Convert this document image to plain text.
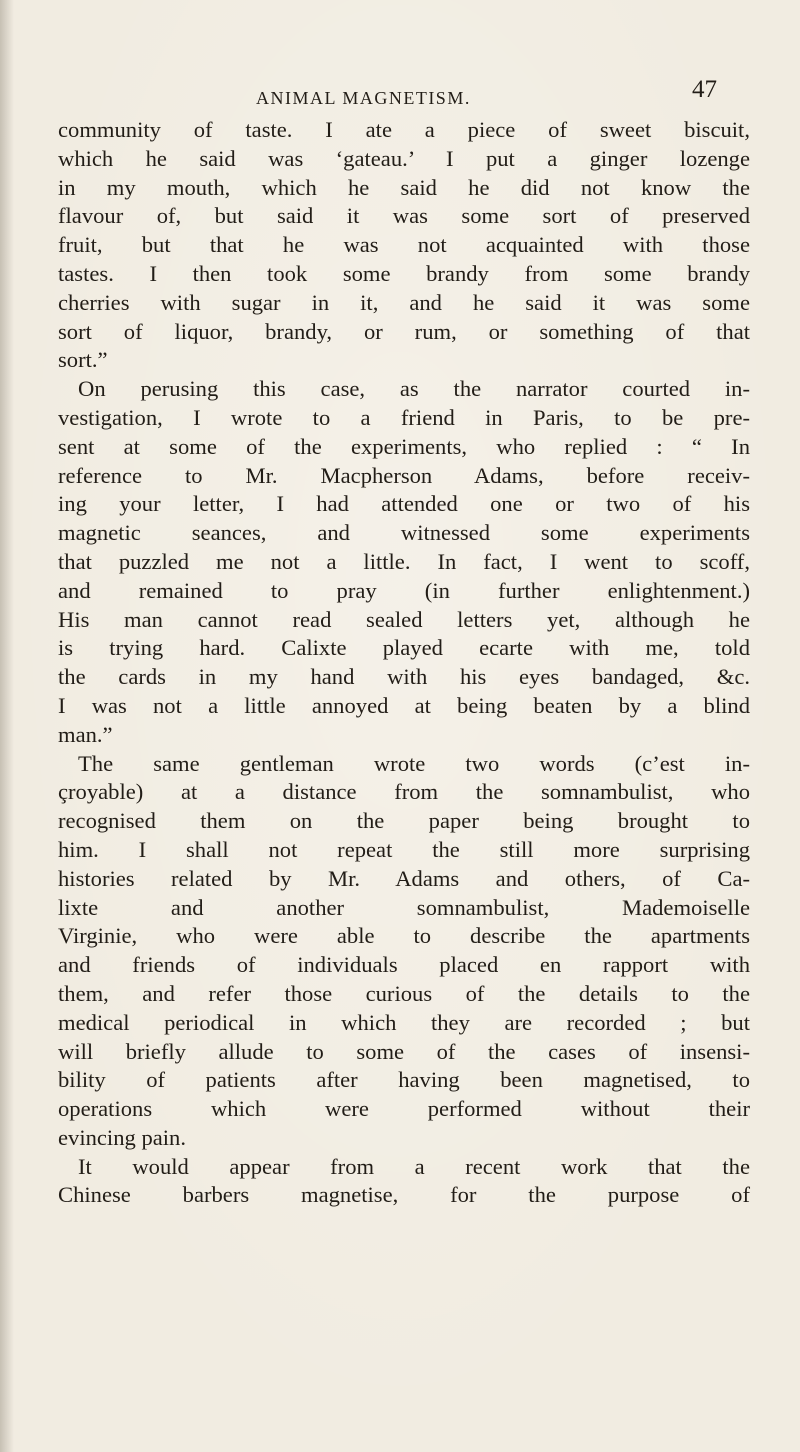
ANIMAL MAGNETISM.	47
community of taste. I ate a piece of sweet biscuit,
which he said was ‘gateau.’ I put a ginger lozenge
in my mouth, which he said he did not know the
flavour of, but said it was some sort of preserved
fruit, but that he was not acquainted with those
tastes. I then took some brandy from some brandy
cherries with sugar in it, and he said it was some
sort of liquor, brandy, or rum, or something of that
sort.”
On perusing this case, as the narrator courted in-
vestigation, I wrote to a friend in Paris, to be pre-
sent at some of the experiments, who replied : “ In
reference to Mr. Macpherson Adams, before receiv-
ing your letter, I had attended one or two of his
magnetic seances, and witnessed some experiments
that puzzled me not a little. In fact, I went to scoff,
and remained to pray (in further enlightenment.)
His man cannot read sealed letters yet, although he
is trying hard. Calixte played ecarte with me, told
the cards in my hand with his eyes bandaged, &c.
I was not a little annoyed at being beaten by a blind
man.”
The same gentleman wrote two words (c’est in-
çroyable) at a distance from the somnambulist, who
recognised them on the paper being brought to
him. I shall not repeat the still more surprising
histories related by Mr. Adams and others, of Ca-
lixte and another somnambulist, Mademoiselle
Virginie, who were able to describe the apartments
and friends of individuals placed en rapport with
them, and refer those curious of the details to the
medical periodical in which they are recorded ; but
will briefly allude to some of the cases of insensi-
bility of patients after having been magnetised, to
operations which were performed without their
evincing pain.
It would appear from a recent work that the
Chinese barbers magnetise, for the purpose of
